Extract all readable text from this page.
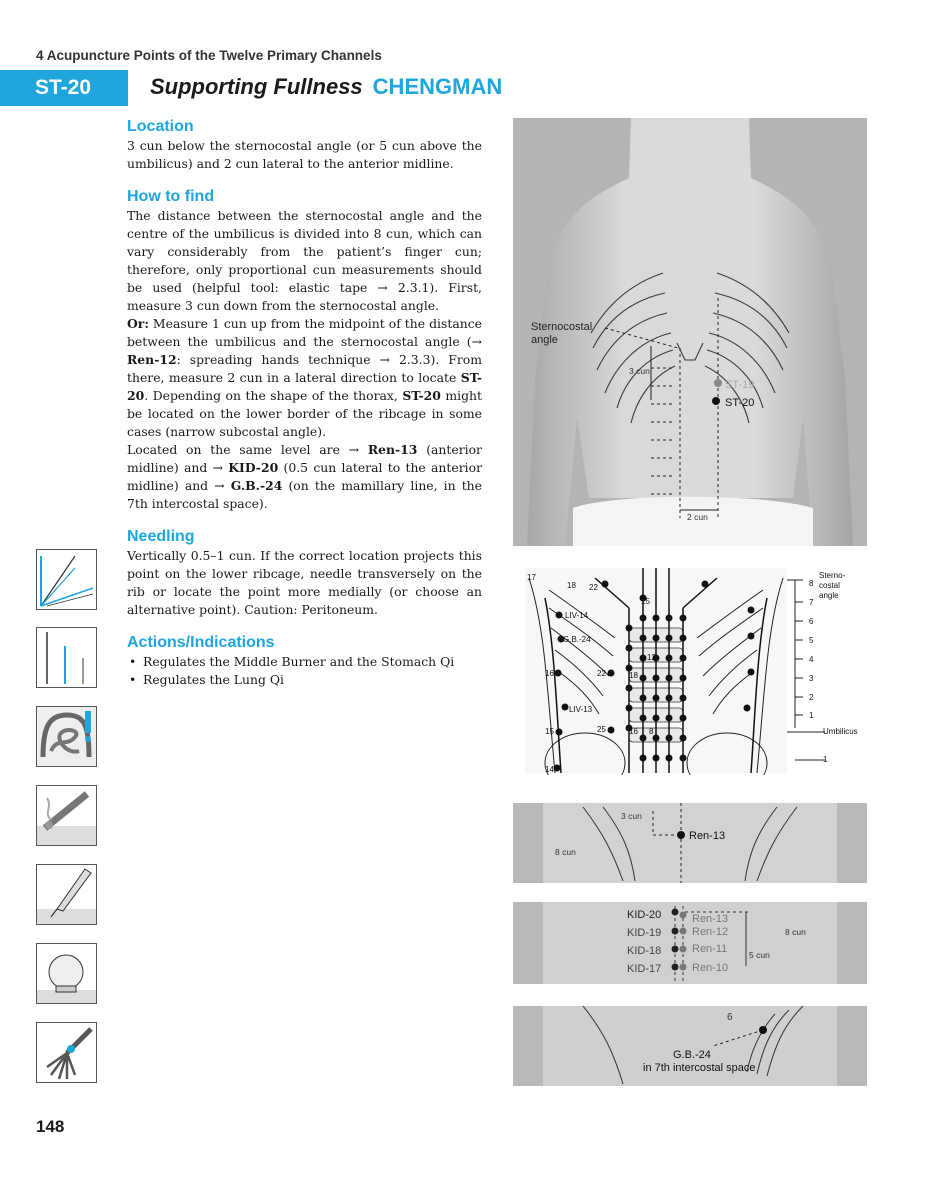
4 Acupuncture Points of the Twelve Primary Channels
ST-20	Supporting Fullness CHENGMAN
Location

3 cun below the sternocostal angle (or 5 cun above the umbilicus) and 2 cun lateral to the anterior midline.

How to find

The distance between the sternocostal angle and the centre of the umbilicus is divided into 8 cun, which can vary considerably from the patient’s finger cun; therefore, only proportional cun measurements should be used (helpful tool: elastic tape → 2.3.1). First, measure 3 cun down from the sternocostal angle.

Or: Measure 1 cun up from the midpoint of the distance between the umbilicus and the sternocostal angle (→ Ren-12: spreading hands technique → 2.3.3). From there, measure 2 cun in a lateral direction to locate ST-20. Depending on the shape of the thorax, ST-20 might be located on the lower border of the ribcage in some cases (narrow subcostal angle).

Located on the same level are → Ren-13 (anterior midline) and → KID-20 (0.5 cun lateral to the anterior midline) and → G.B.-24 (on the mamillary line, in the 7th intercostal space).

Needling

Vertically 0.5–1 cun. If the correct location projects this point on the lower ribcage, needle transversely on the rib or locate the point more medially (or choose an alternative point). Caution: Peritoneum.

Actions/Indications

• Regulates the Middle Burner and the Stomach Qi

• Regulates the Lung Qi

Sternocostal
angle
3 cun
ST-19
ST-20
2 cun
17
18 22
15
LIV-14
G.B.-24
12
16	22	18
LIV-13
15	25	16 8
14
8
7
6
5
4
3
2
1
1
Sterno-
costal
angle
Umbilicus
3 cun
Ren-13
8 cun
KID-20
KID-19
KID-18
KID-17
Ren-13
Ren-12
Ren-11
Ren-10
5 cun
8 cun
6
G.B.-24
in 7th intercostal space
148
